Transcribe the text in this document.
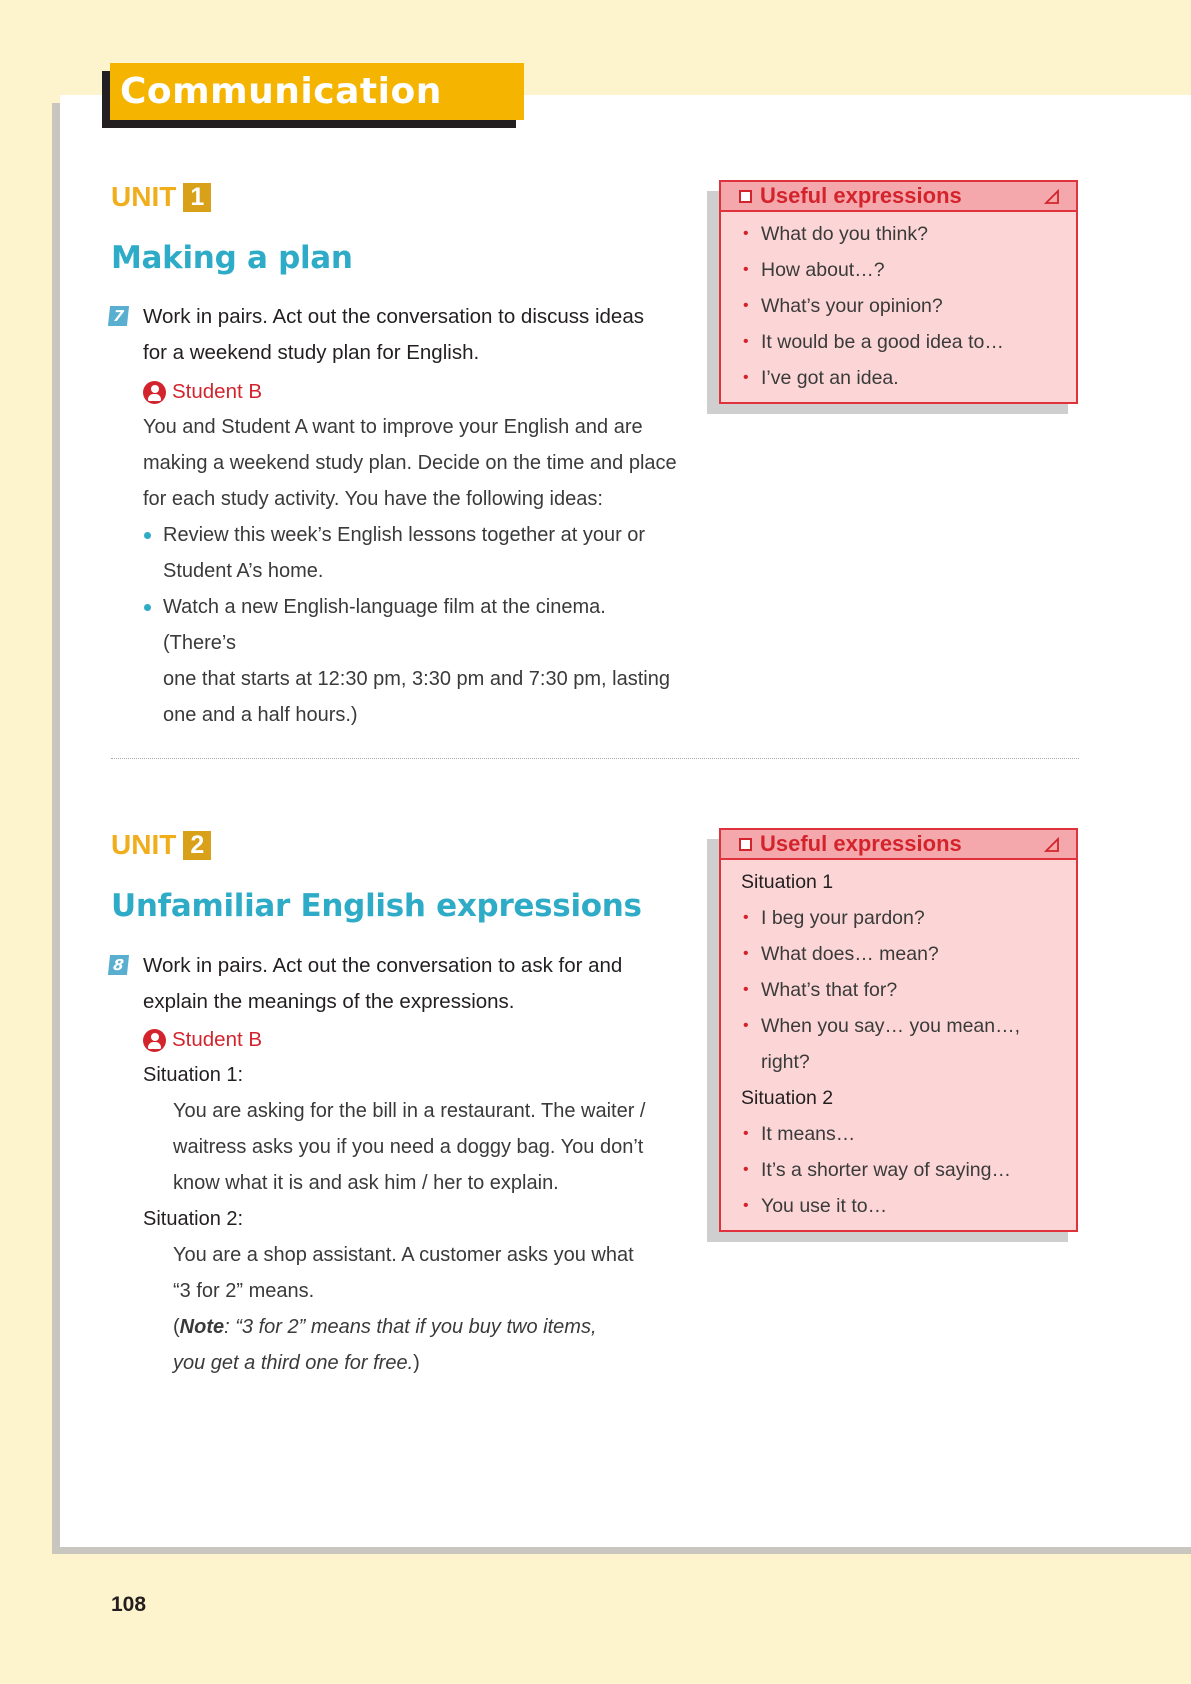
Communication bank
UNIT 1
Making a plan
7 Work in pairs. Act out the conversation to discuss ideas
for a weekend study plan for English.
Student B
You and Student A want to improve your English and are
making a weekend study plan. Decide on the time and place
for each study activity. You have the following ideas:
Review this week’s English lessons together at your or
Student A’s home.
Watch a new English-language film at the cinema. (There’s
one that starts at 12:30 pm, 3:30 pm and 7:30 pm, lasting
one and a half hours.)
Useful expressions
• What do you think?
• How about…?
• What’s your opinion?
• It would be a good idea to…
• I’ve got an idea.
UNIT 2
Unfamiliar English expressions
8 Work in pairs. Act out the conversation to ask for and
explain the meanings of the expressions.
Student B
Situation 1:
You are asking for the bill in a restaurant. The waiter /
waitress asks you if you need a doggy bag. You don’t
know what it is and ask him / her to explain.
Situation 2:
You are a shop assistant. A customer asks you what
“3 for 2” means.
(Note: “3 for 2” means that if you buy two items,
you get a third one for free.)
Useful expressions
Situation 1
• I beg your pardon?
• What does… mean?
• What’s that for?
• When you say… you mean…,
right?
Situation 2
• It means…
• It’s a shorter way of saying…
• You use it to…
108
